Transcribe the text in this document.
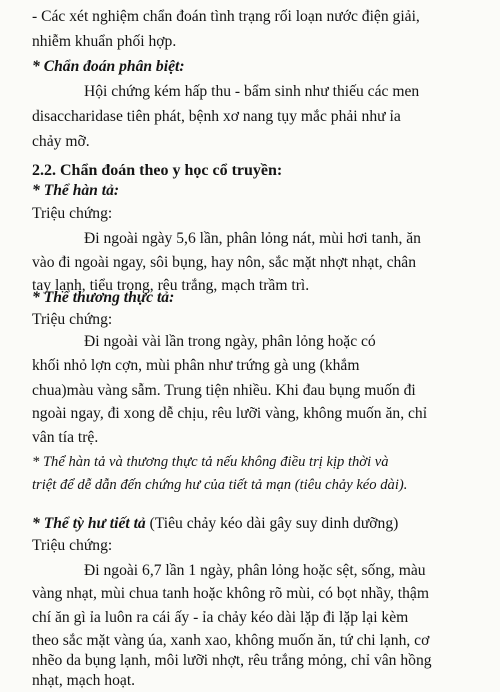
- Các xét nghiệm chẩn đoán tình trạng rối loạn nước điện giải,
nhiễm khuẩn phối hợp.
* Chẩn đoán phân biệt:
Hội chứng kém hấp thu - bẩm sinh như thiếu các men
disaccharidase tiên phát, bệnh xơ nang tụy mắc phải như ỉa
chảy mỡ.
2.2. Chẩn đoán theo y học cổ truyền:
* Thể hàn tả:
Triệu chứng:
Đi ngoài ngày 5,6 lần, phân lỏng nát, mùi hơi tanh, ăn
vào đi ngoài ngay, sôi bụng, hay nôn, sắc mặt nhợt nhạt, chân
tay lạnh, tiểu trong, rêu trắng, mạch trầm trì.
* Thể thương thực tả:
Triệu chứng:
Đi ngoài vài lần trong ngày, phân lỏng hoặc có
khối nhỏ lợn cợn, mùi phân như trứng gà ung (khắm
chua)màu vàng sẫm. Trung tiện nhiều. Khi đau bụng muốn đi
ngoài ngay, đi xong dễ chịu, rêu lưỡi vàng, không muốn ăn, chỉ
vân tía trệ.
* Thể hàn tả và thương thực tả nếu không điều trị kịp thời và
triệt để dễ dẫn đến chứng hư của tiết tả mạn (tiêu chảy kéo dài).
* Thể tỳ hư tiết tả (Tiêu chảy kéo dài gây suy dinh dưỡng)
Triệu chứng:
Đi ngoài 6,7 lần 1 ngày, phân lỏng hoặc sệt, sống, màu
vàng nhạt, mùi chua tanh hoặc không rõ mùi, có bọt nhầy, thậm
chí ăn gì ỉa luôn ra cái ấy - ỉa chảy kéo dài lặp đi lặp lại kèm
theo sắc mặt vàng úa, xanh xao, không muốn ăn, tứ chi lạnh, cơ
nhẽo da bụng lạnh, môi lưỡi nhợt, rêu trắng mỏng, chỉ vân hồng
nhạt, mạch hoạt.
